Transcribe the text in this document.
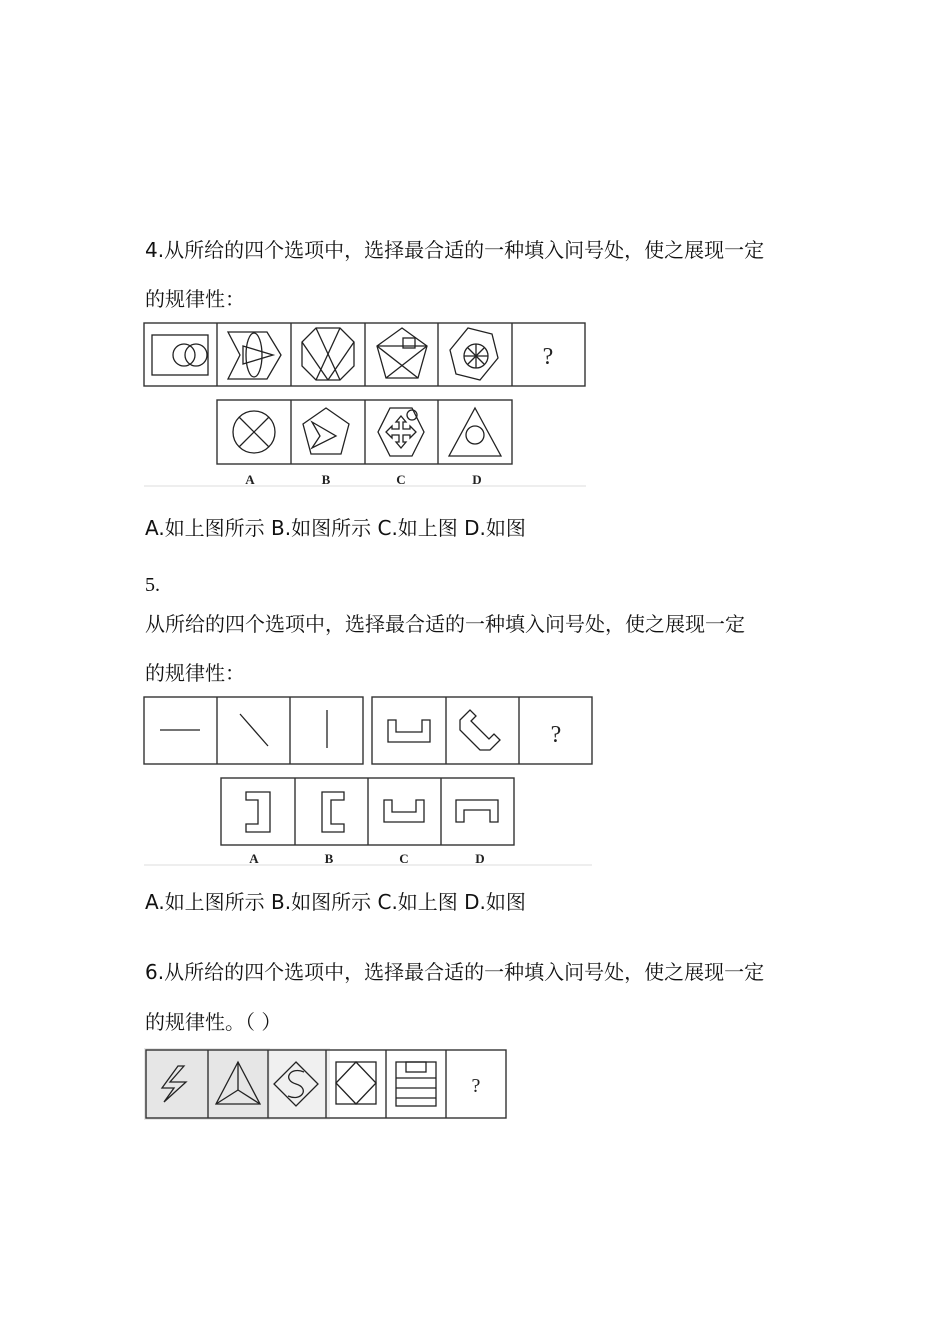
4.从所给的四个选项中，选择最合适的一种填入问号处，使之展现一定
的规律性：
?
A	B	C	D
A.如上图所示 B.如图所示 C.如上图 D.如图
5.
从所给的四个选项中，选择最合适的一种填入问号处，使之展现一定
的规律性：
?
A	B	C	D
A.如上图所示 B.如图所示 C.如上图 D.如图
6.从所给的四个选项中，选择最合适的一种填入问号处，使之展现一定
的规律性。（ ）
?
